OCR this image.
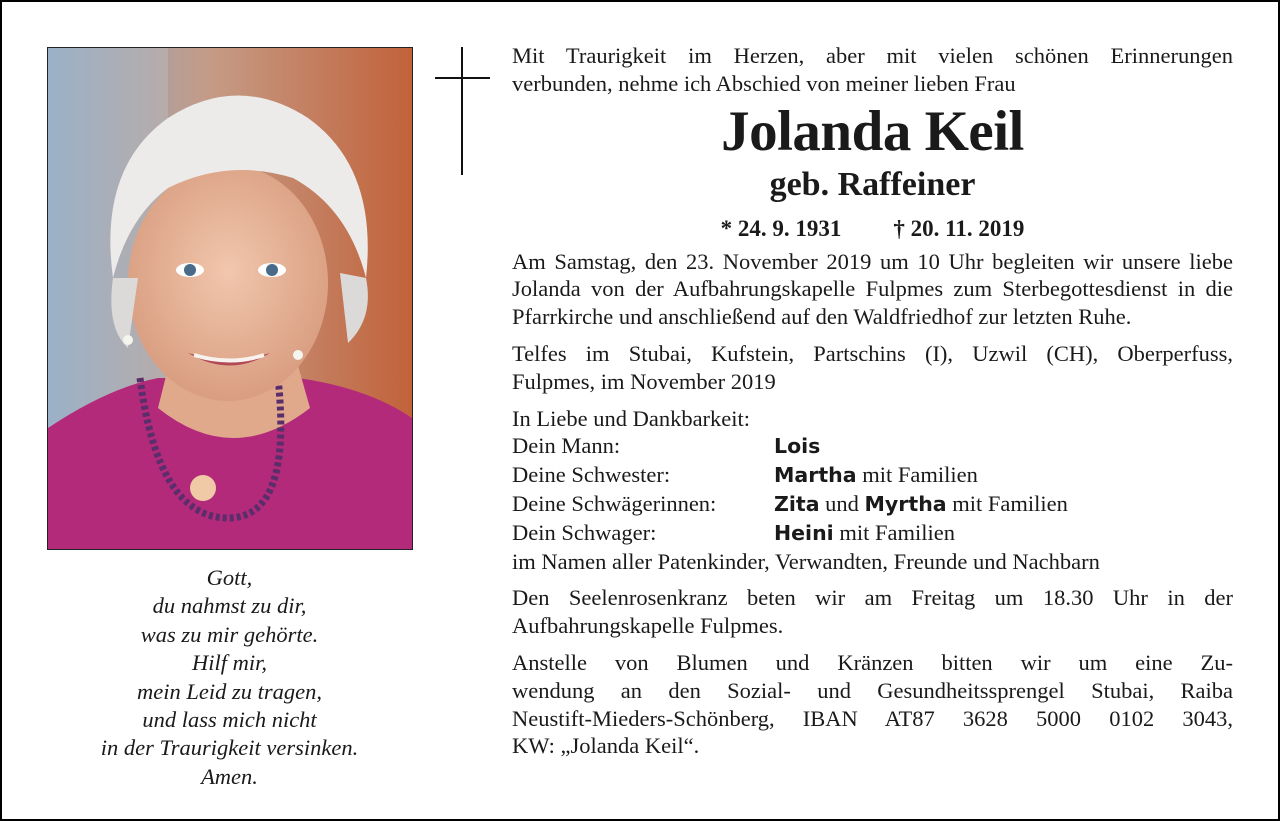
Gott,
du nahmst zu dir,
was zu mir gehörte.
Hilf mir,
mein Leid zu tragen,
und lass mich nicht
in der Traurigkeit versinken.
Amen.
Mit Traurigkeit im Herzen, aber mit vielen schönen Erinnerungen
verbunden, nehme ich Abschied von meiner lieben Frau
Jolanda Keil
geb. Raffeiner
* 24. 9. 1931 † 20. 11. 2019
Am Samstag, den 23. November 2019 um 10 Uhr begleiten wir unsere liebe Jolanda von der Aufbahrungskapelle Fulpmes zum Sterbegottesdienst in die Pfarrkirche und anschließend auf den Waldfriedhof zur letzten Ruhe.
Telfes im Stubai, Kufstein, Partschins (I), Uzwil (CH), Oberperfuss,
Fulpmes, im November 2019
In Liebe und Dankbarkeit:
Dein Mann:	Lois
Deine Schwester:	Martha mit Familien
Deine Schwägerinnen:	Zita und Myrtha mit Familien
Dein Schwager:	Heini mit Familien
im Namen aller Patenkinder, Verwandten, Freunde und Nachbarn
Den Seelenrosenkranz beten wir am Freitag um 18.30 Uhr in der Aufbahrungskapelle Fulpmes.
Anstelle von Blumen und Kränzen bitten wir um eine Zu-
wendung an den Sozial- und Gesundheitssprengel Stubai, Raiba
Neustift-Mieders-Schönberg, IBAN AT87 3628 5000 0102 3043,
KW: „Jolanda Keil“.
